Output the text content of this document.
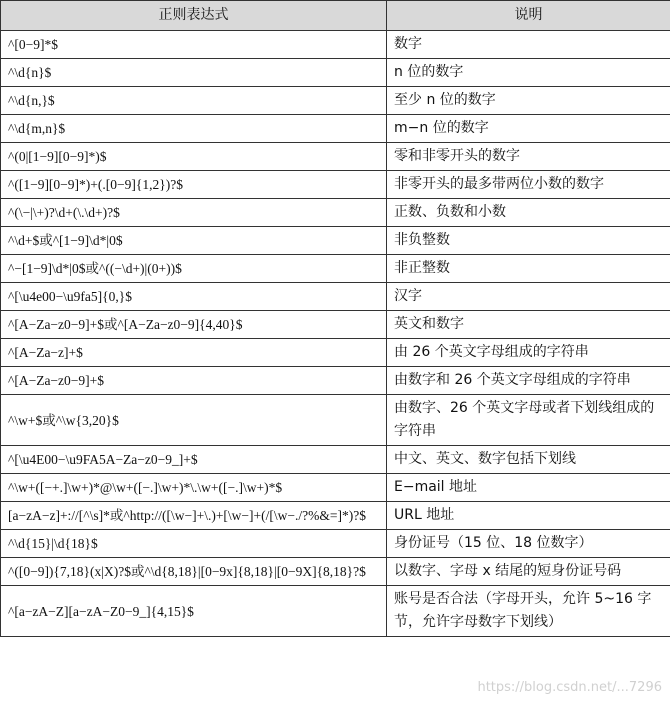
正则表达式	说明
^[0−9]*$	数字
^\d{n}$	n 位的数字
^\d{n,}$	至少 n 位的数字
^\d{m,n}$	m−n 位的数字
^(0|[1−9][0−9]*)$	零和非零开头的数字
^([1−9][0−9]*)+(.[0−9]{1,2})?$	非零开头的最多带两位小数的数字
^(\−|\+)?\d+(\.\d+)?$	正数、负数和小数
^\d+$或^[1−9]\d*|0$	非负整数
^−[1−9]\d*|0$或^((−\d+)|(0+))$	非正整数
^[\u4e00−\u9fa5]{0,}$	汉字
^[A−Za−z0−9]+$或^[A−Za−z0−9]{4,40}$	英文和数字
^[A−Za−z]+$	由 26 个英文字母组成的字符串
^[A−Za−z0−9]+$	由数字和 26 个英文字母组成的字符串
^\w+$或^\w{3,20}$	由数字、26 个英文字母或者下划线组成的字符串
^[\u4E00−\u9FA5A−Za−z0−9_]+$	中文、英文、数字包括下划线
^\w+([−+.]\w+)*@\w+([−.]\w+)*\.\w+([−.]\w+)*$	E−mail 地址
[a−zA−z]+://[^\s]*或^http://([\w−]+\.)+[\w−]+(/[\w−./?%&=]*)?$	URL 地址
^\d{15}|\d{18}$	身份证号（15 位、18 位数字）
^([0−9]){7,18}(x|X)?$或^\d{8,18}|[0−9x]{8,18}|[0−9X]{8,18}?$	以数字、字母 x 结尾的短身份证号码
^[a−zA−Z][a−zA−Z0−9_]{4,15}$	账号是否合法（字母开头，允许 5~16 字节，允许字母数字下划线）
https://blog.csdn.net/...7296
